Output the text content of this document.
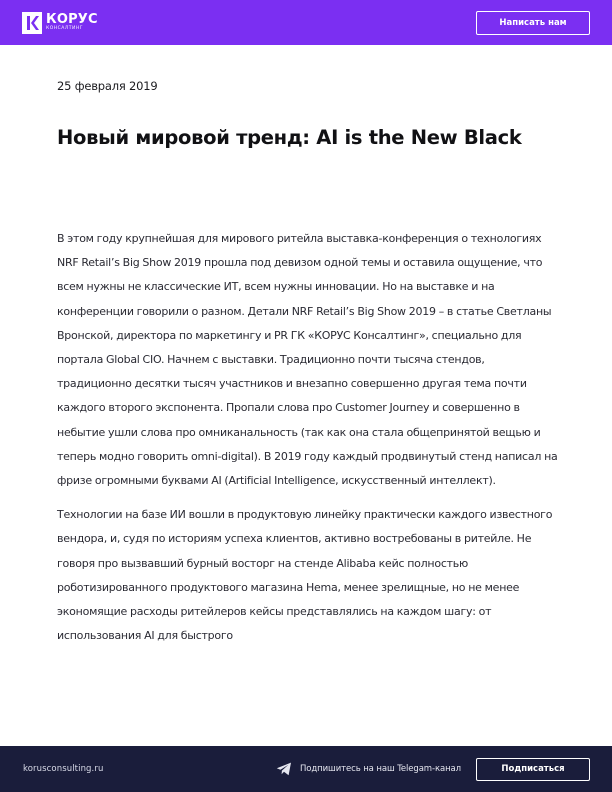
КОРУС
КОНСАЛТИНГ
Написать нам
25 февраля 2019
Новый мировой тренд: AI is the New Black

В этом году крупнейшая для мирового ритейла выставка-конференция о технологиях NRF Retail’s Big Show 2019 прошла под девизом одной темы и оставила ощущение, что всем нужны не классические ИТ, всем нужны инновации. Но на выставке и на конференции говорили о разном. Детали NRF Retail’s Big Show 2019 – в статье Светланы Вронской, директора по маркетингу и PR ГК «КОРУС Консалтинг», специально для портала Global CIO. Начнем с выставки. Традиционно почти тысяча стендов, традиционно десятки тысяч участников и внезапно совершенно другая тема почти каждого второго экспонента. Пропали слова про Customer Journey и совершенно в небытие ушли слова про омниканальность (так как она стала общепринятой вещью и теперь модно говорить omni-digital). В 2019 году каждый продвинутый стенд написал на фризе огромными буквами AI (Artificial Intelligence, искусственный интеллект).

Технологии на базе ИИ вошли в продуктовую линейку практически каждого известного вендора, и, судя по историям успеха клиентов, активно востребованы в ритейле. Не говоря про вызвавший бурный восторг на стенде Alibaba кейс полностью роботизированного продуктового магазина Hema, менее зрелищные, но не менее экономящие расходы ритейлеров кейсы представлялись на каждом шагу: от использования AI для быстрого

korusconsulting.ru	Подпишитесь на наш Telegam-канал	Подписаться
